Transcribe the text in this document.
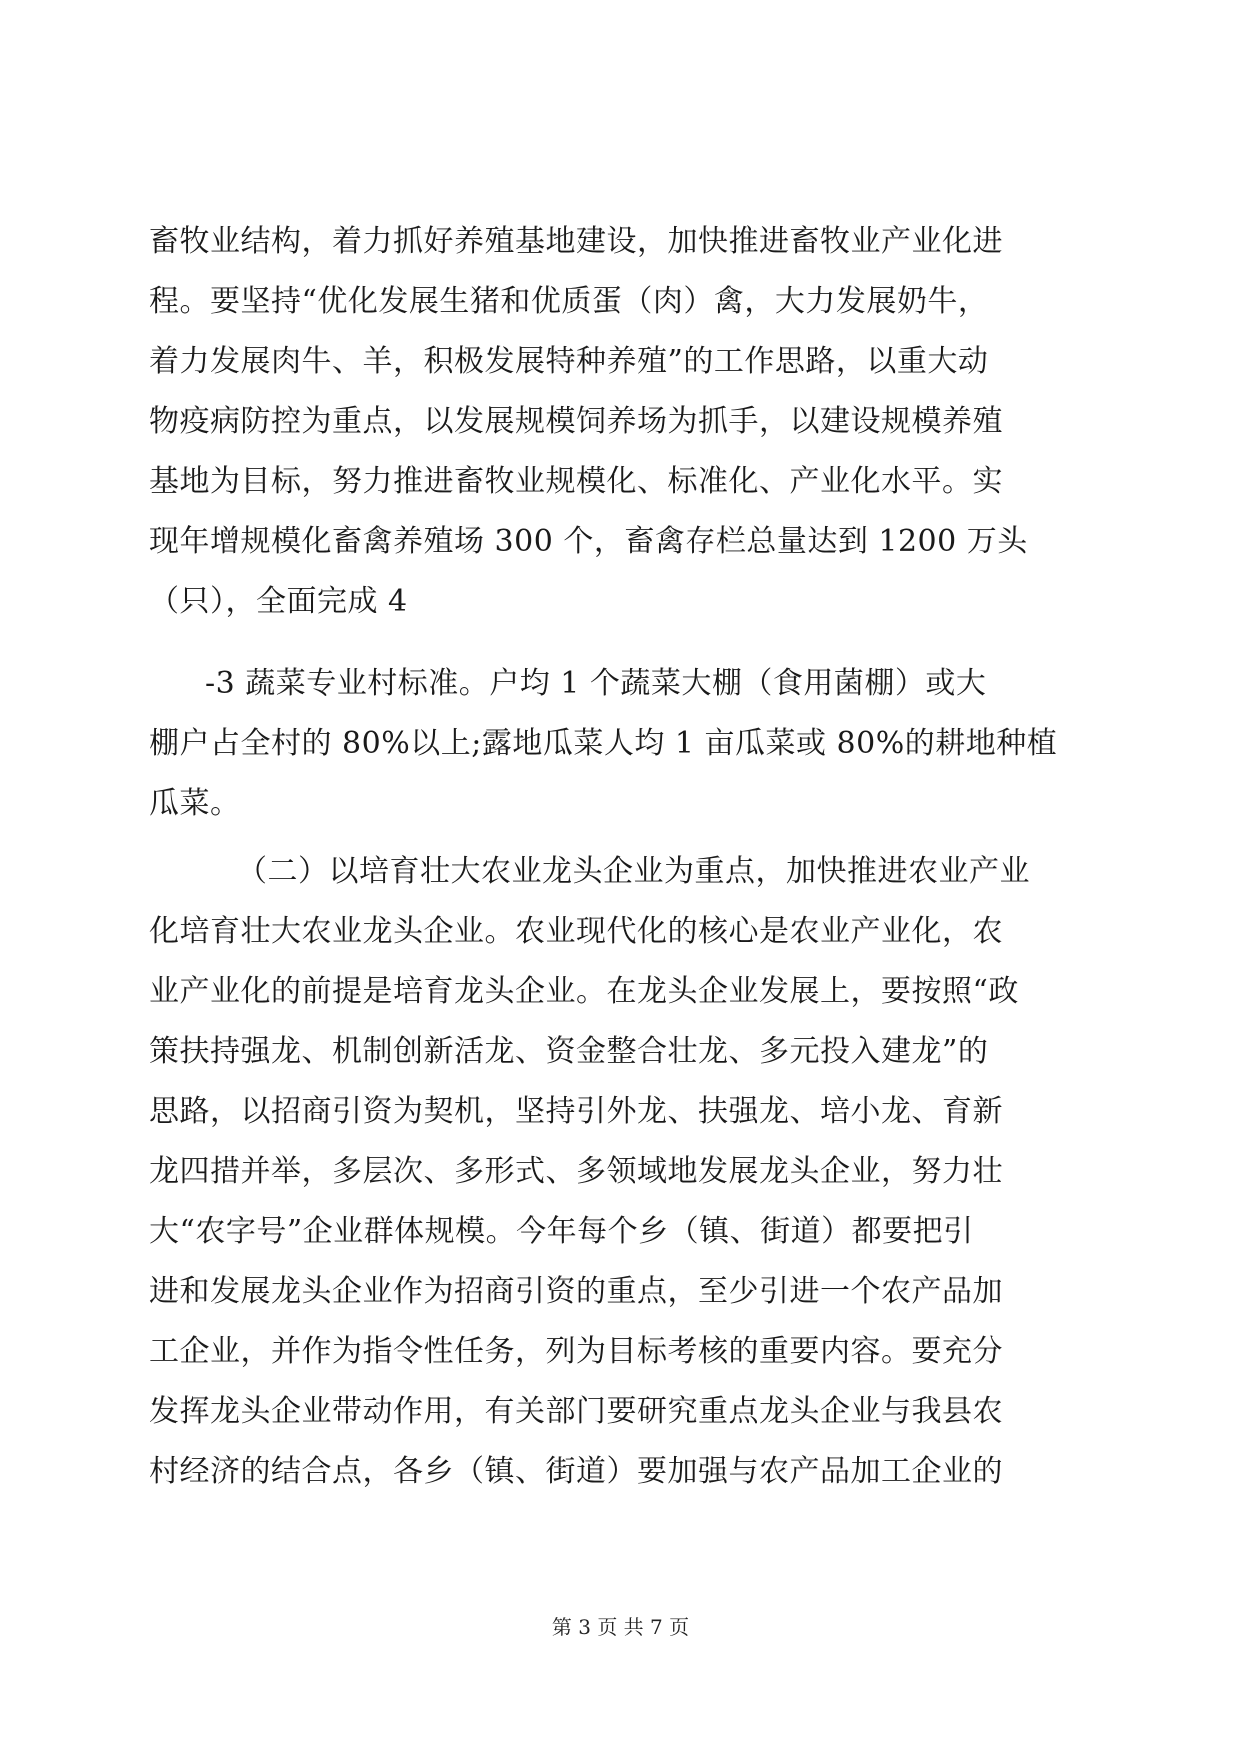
畜牧业结构，着力抓好养殖基地建设，加快推进畜牧业产业化进
程。要坚持“优化发展生猪和优质蛋（肉）禽，大力发展奶牛，
着力发展肉牛、羊，积极发展特种养殖”的工作思路，以重大动
物疫病防控为重点，以发展规模饲养场为抓手，以建设规模养殖
基地为目标，努力推进畜牧业规模化、标准化、产业化水平。实
现年增规模化畜禽养殖场 300 个，畜禽存栏总量达到 1200 万头
（只），全面完成 4
-3 蔬菜专业村标准。户均 1 个蔬菜大棚（食用菌棚）或大
棚户占全村的 80%以上;露地瓜菜人均 1 亩瓜菜或 80%的耕地种植
瓜菜。
（二）以培育壮大农业龙头企业为重点，加快推进农业产业
化培育壮大农业龙头企业。农业现代化的核心是农业产业化，农
业产业化的前提是培育龙头企业。在龙头企业发展上，要按照“政
策扶持强龙、机制创新活龙、资金整合壮龙、多元投入建龙”的
思路，以招商引资为契机，坚持引外龙、扶强龙、培小龙、育新
龙四措并举，多层次、多形式、多领域地发展龙头企业，努力壮
大“农字号”企业群体规模。今年每个乡（镇、街道）都要把引
进和发展龙头企业作为招商引资的重点，至少引进一个农产品加
工企业，并作为指令性任务，列为目标考核的重要内容。要充分
发挥龙头企业带动作用，有关部门要研究重点龙头企业与我县农
村经济的结合点，各乡（镇、街道）要加强与农产品加工企业的
第 3 页 共 7 页
